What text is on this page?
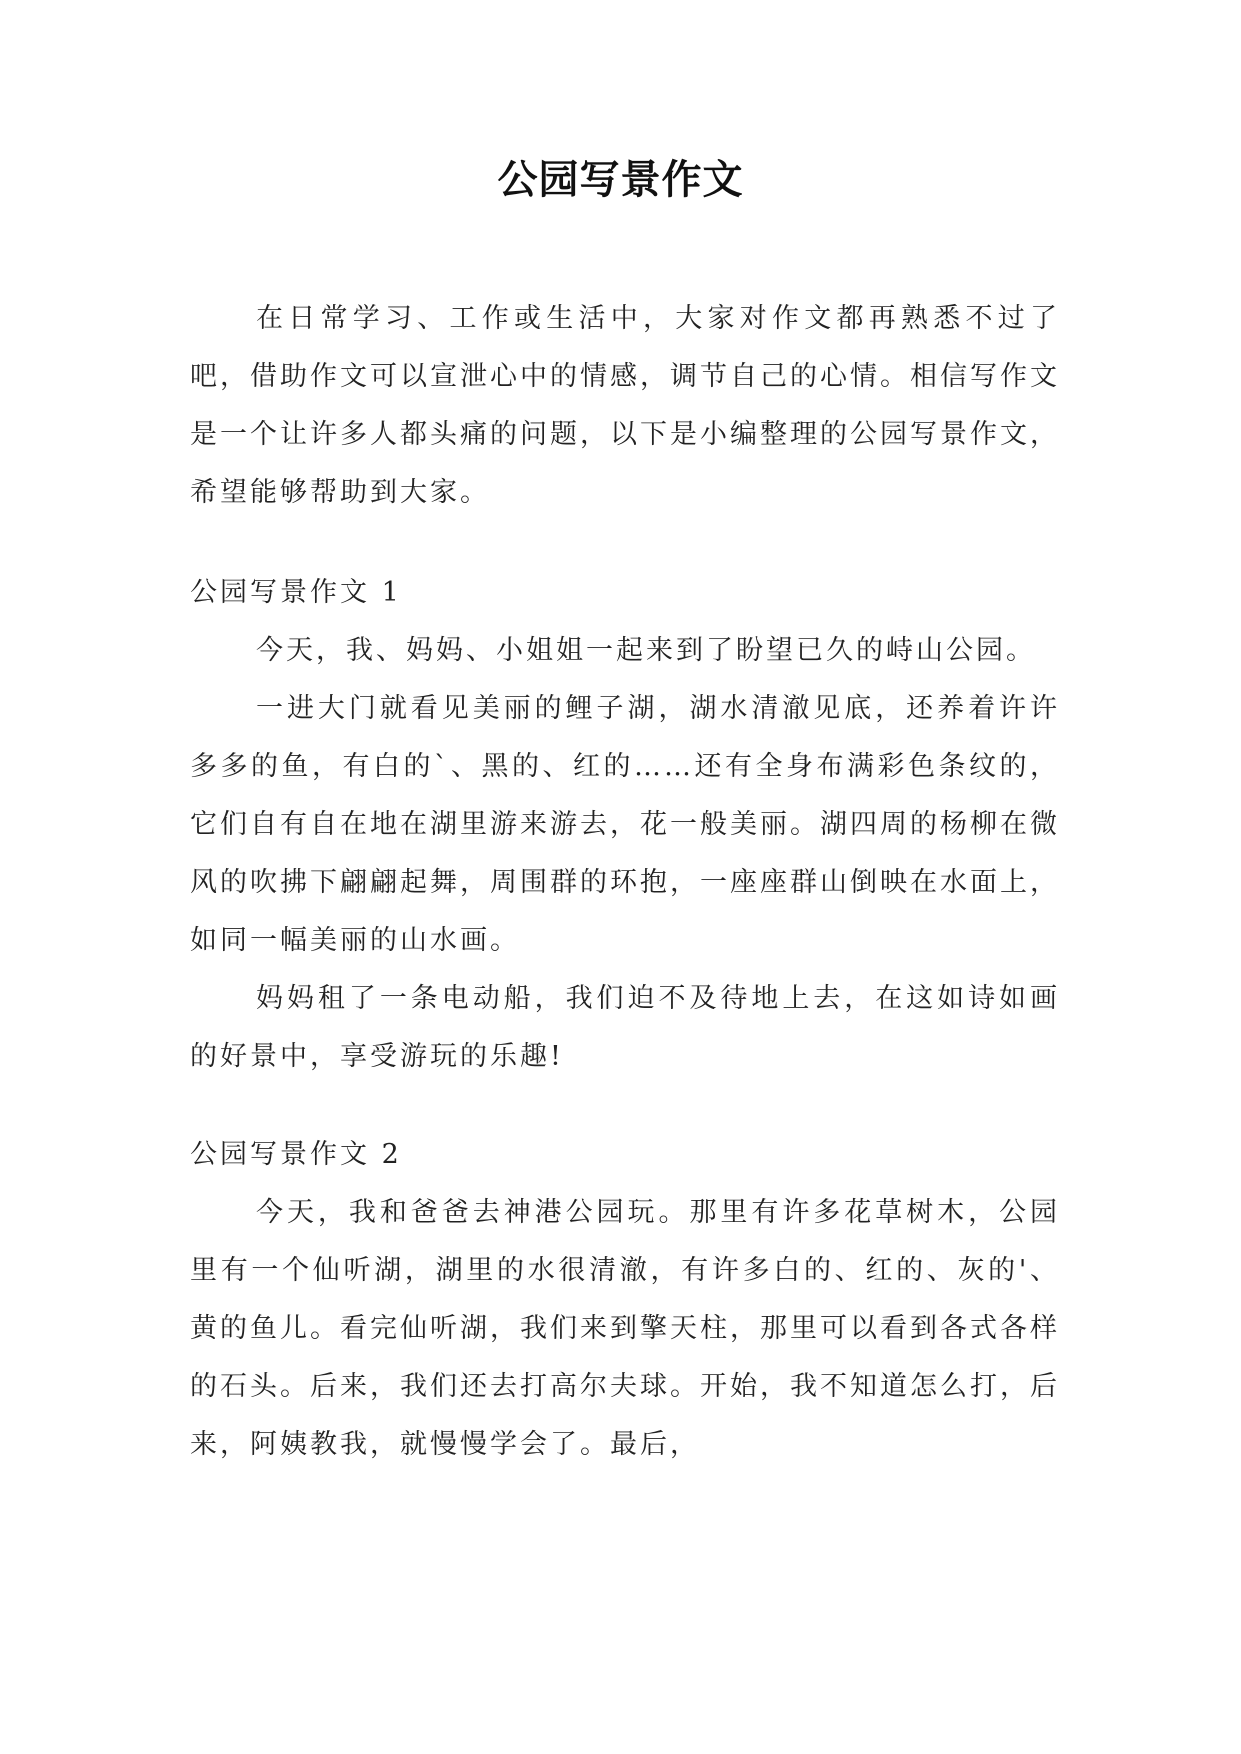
公园写景作文

在日常学习、工作或生活中，大家对作文都再熟悉不过了吧，借助作文可以宣泄心中的情感，调节自己的心情。相信写作文是一个让许多人都头痛的问题，以下是小编整理的公园写景作文，希望能够帮助到大家。

公园写景作文 1

今天，我、妈妈、小姐姐一起来到了盼望已久的峙山公园。

一进大门就看见美丽的鲤子湖，湖水清澈见底，还养着许许多多的鱼，有白的`、黑的、红的……还有全身布满彩色条纹的，它们自有自在地在湖里游来游去，花一般美丽。湖四周的杨柳在微风的吹拂下翩翩起舞，周围群的环抱，一座座群山倒映在水面上，如同一幅美丽的山水画。

妈妈租了一条电动船，我们迫不及待地上去，在这如诗如画的好景中，享受游玩的乐趣!

公园写景作文 2

今天，我和爸爸去神港公园玩。那里有许多花草树木，公园里有一个仙听湖，湖里的水很清澈，有许多白的、红的、灰的'、黄的鱼儿。看完仙听湖，我们来到擎天柱，那里可以看到各式各样的石头。后来，我们还去打高尔夫球。开始，我不知道怎么打，后来，阿姨教我，就慢慢学会了。最后，
